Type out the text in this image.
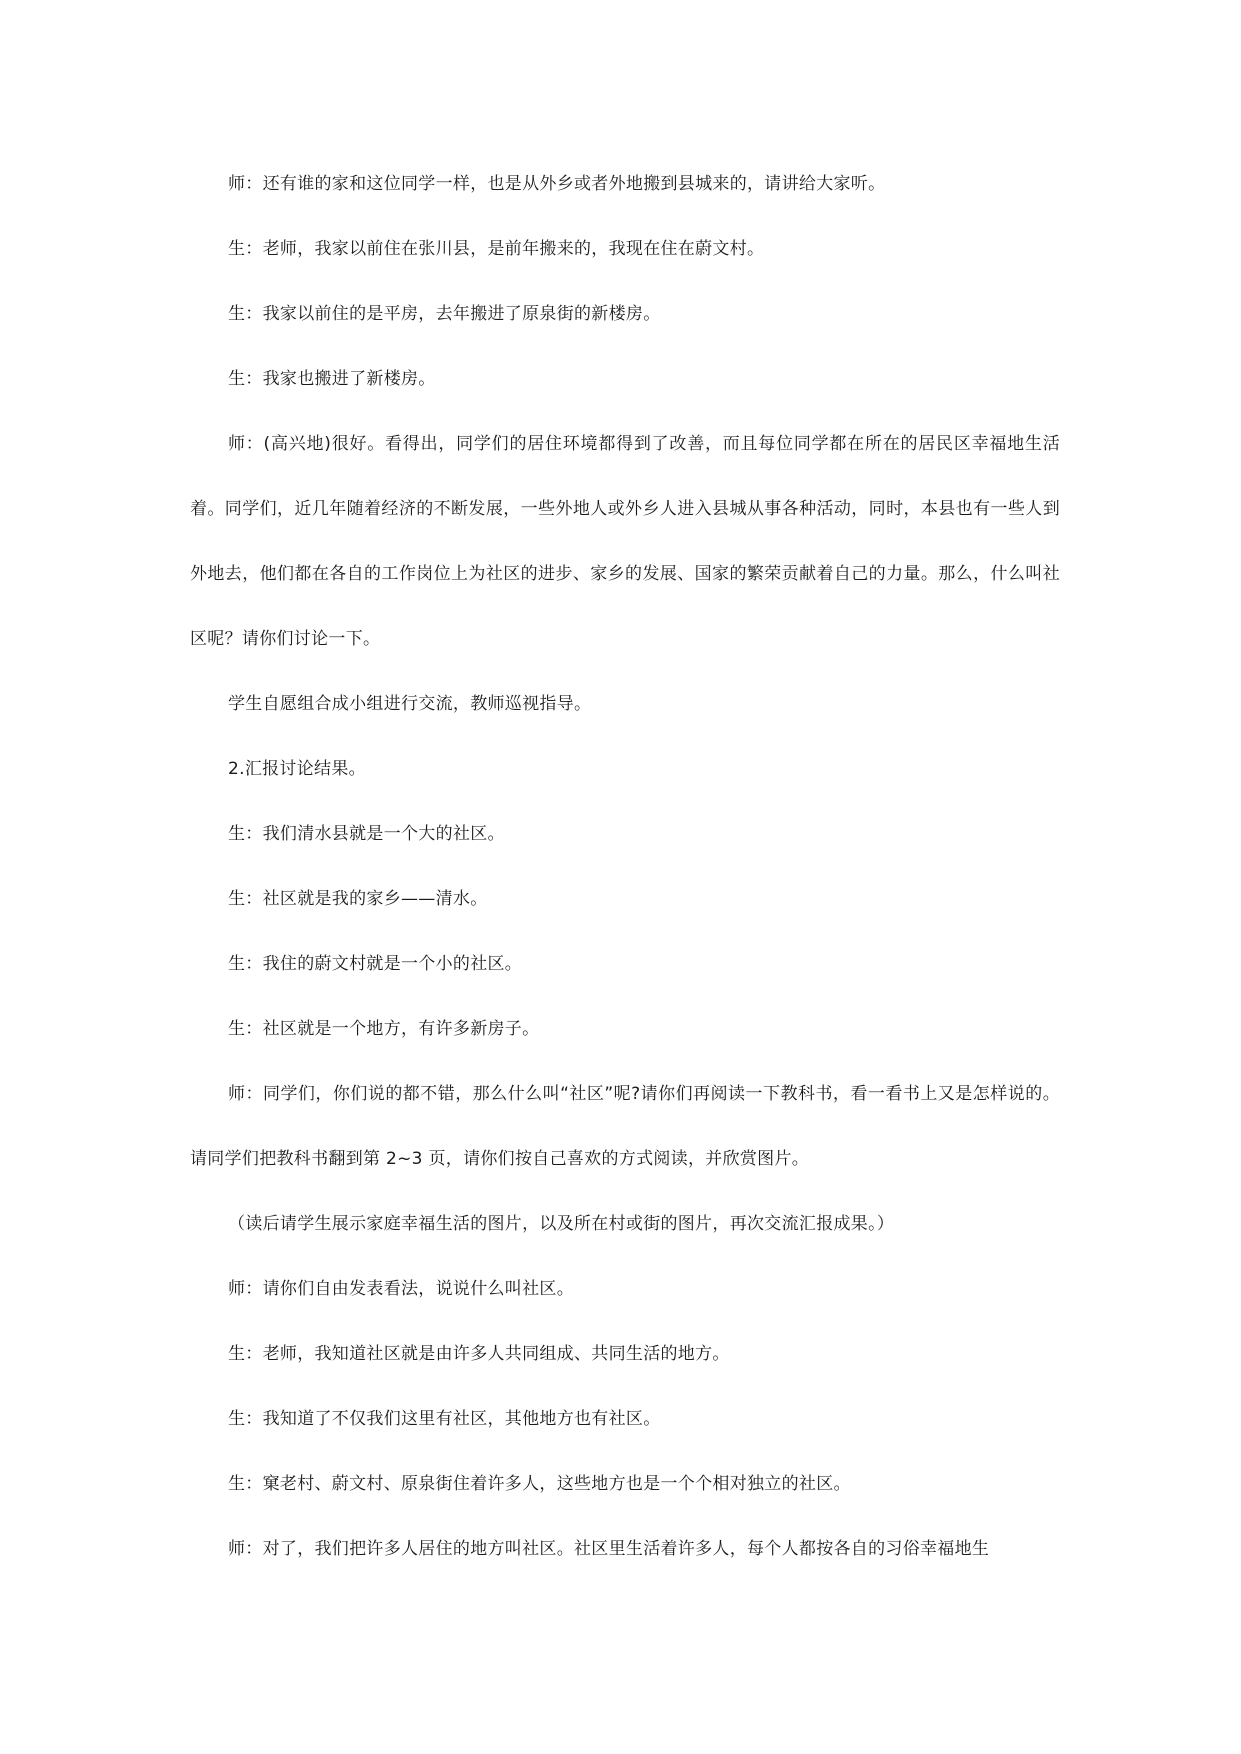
师：还有谁的家和这位同学一样，也是从外乡或者外地搬到县城来的，请讲给大家听。

生：老师，我家以前住在张川县，是前年搬来的，我现在住在蔚文村。

生：我家以前住的是平房，去年搬进了原泉街的新楼房。

生：我家也搬进了新楼房。

师：(高兴地)很好。看得出，同学们的居住环境都得到了改善，而且每位同学都在所在的居民区幸福地生活着。同学们，近几年随着经济的不断发展，一些外地人或外乡人进入县城从事各种活动，同时，本县也有一些人到外地去，他们都在各自的工作岗位上为社区的进步、家乡的发展、国家的繁荣贡献着自己的力量。那么，什么叫社区呢？请你们讨论一下。

学生自愿组合成小组进行交流，教师巡视指导。

2.汇报讨论结果。

生：我们清水县就是一个大的社区。

生：社区就是我的家乡——清水。

生：我住的蔚文村就是一个小的社区。

生：社区就是一个地方，有许多新房子。

师：同学们，你们说的都不错，那么什么叫“社区”呢?请你们再阅读一下教科书，看一看书上又是怎样说的。请同学们把教科书翻到第 2~3 页，请你们按自己喜欢的方式阅读，并欣赏图片。

（读后请学生展示家庭幸福生活的图片，以及所在村或街的图片，再次交流汇报成果。）

师：请你们自由发表看法，说说什么叫社区。

生：老师，我知道社区就是由许多人共同组成、共同生活的地方。

生：我知道了不仅我们这里有社区，其他地方也有社区。

生：窠老村、蔚文村、原泉街住着许多人，这些地方也是一个个相对独立的社区。

师：对了，我们把许多人居住的地方叫社区。社区里生活着许多人，每个人都按各自的习俗幸福地生
